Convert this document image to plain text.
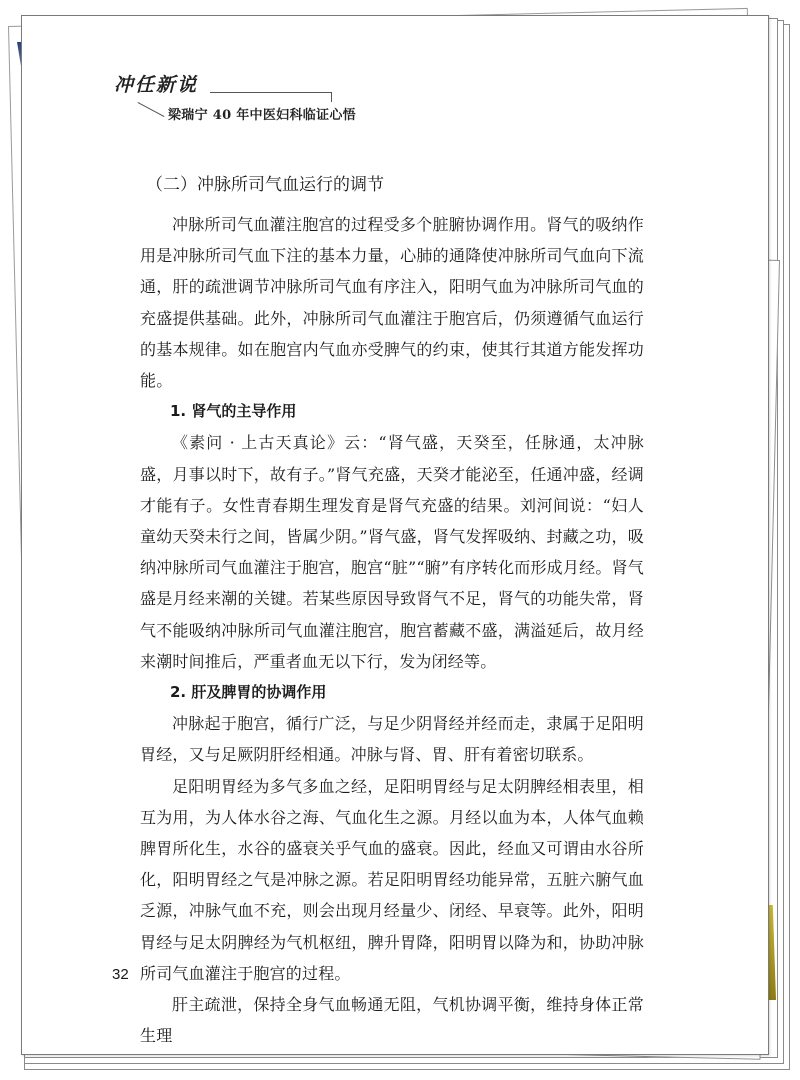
冲任新说
梁瑞宁 40 年中医妇科临证心悟
（二）冲脉所司气血运行的调节

冲脉所司气血灌注胞宫的过程受多个脏腑协调作用。肾气的吸纳作用是冲脉所司气血下注的基本力量，心肺的通降使冲脉所司气血向下流通，肝的疏泄调节冲脉所司气血有序注入，阳明气血为冲脉所司气血的充盛提供基础。此外，冲脉所司气血灌注于胞宫后，仍须遵循气血运行的基本规律。如在胞宫内气血亦受脾气的约束，使其行其道方能发挥功能。

1. 肾气的主导作用

《素问 · 上古天真论》云：“肾气盛，天癸至，任脉通，太冲脉盛，月事以时下，故有子。”肾气充盛，天癸才能泌至，任通冲盛，经调才能有子。女性青春期生理发育是肾气充盛的结果。刘河间说：“妇人童幼天癸未行之间，皆属少阴。”肾气盛，肾气发挥吸纳、封藏之功，吸纳冲脉所司气血灌注于胞宫，胞宫“脏”“腑”有序转化而形成月经。肾气盛是月经来潮的关键。若某些原因导致肾气不足，肾气的功能失常，肾气不能吸纳冲脉所司气血灌注胞宫，胞宫蓄藏不盛，满溢延后，故月经来潮时间推后，严重者血无以下行，发为闭经等。

2. 肝及脾胃的协调作用

冲脉起于胞宫，循行广泛，与足少阴肾经并经而走，隶属于足阳明胃经，又与足厥阴肝经相通。冲脉与肾、胃、肝有着密切联系。

足阳明胃经为多气多血之经，足阳明胃经与足太阴脾经相表里，相互为用，为人体水谷之海、气血化生之源。月经以血为本，人体气血赖脾胃所化生，水谷的盛衰关乎气血的盛衰。因此，经血又可谓由水谷所化，阳明胃经之气是冲脉之源。若足阳明胃经功能异常，五脏六腑气血乏源，冲脉气血不充，则会出现月经量少、闭经、早衰等。此外，阳明胃经与足太阴脾经为气机枢纽，脾升胃降，阳明胃以降为和，协助冲脉所司气血灌注于胞宫的过程。

肝主疏泄，保持全身气血畅通无阻，气机协调平衡，维持身体正常生理

32
